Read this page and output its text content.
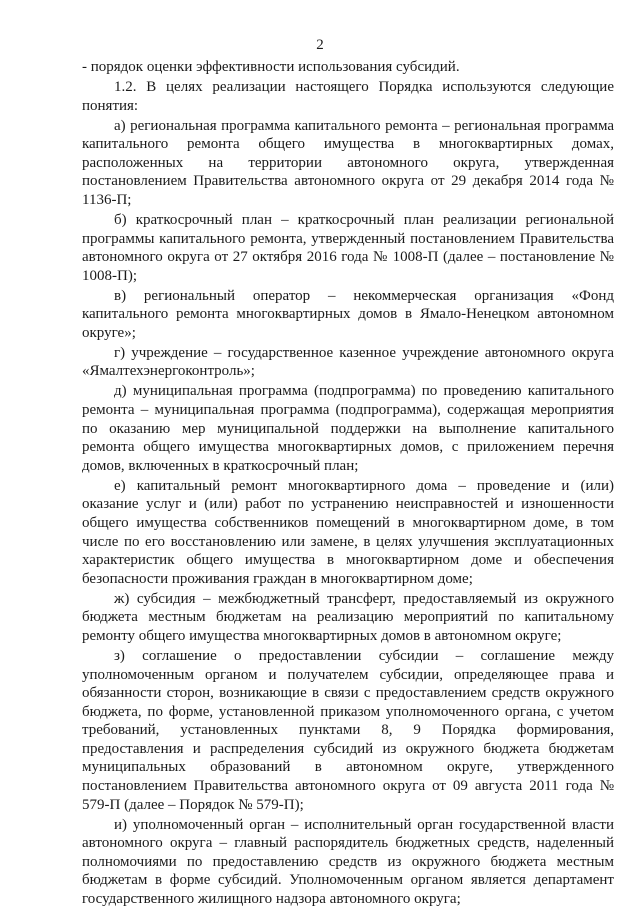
2

- порядок оценки эффективности использования субсидий.

1.2. В целях реализации настоящего Порядка используются следующие понятия:

а) региональная программа капитального ремонта – региональная программа капитального ремонта общего имущества в многоквартирных домах, расположенных на территории автономного округа, утвержденная постановлением Правительства автономного округа от 29 декабря 2014 года № 1136-П;

б) краткосрочный план – краткосрочный план реализации региональной программы капитального ремонта, утвержденный постановлением Правительства автономного округа от 27 октября 2016 года № 1008-П (далее – постановление № 1008-П);

в) региональный оператор – некоммерческая организация «Фонд капитального ремонта многоквартирных домов в Ямало-Ненецком автономном округе»;

г) учреждение – государственное казенное учреждение автономного округа «Ямалтехэнергоконтроль»;

д) муниципальная программа (подпрограмма) по проведению капитального ремонта – муниципальная программа (подпрограмма), содержащая мероприятия по оказанию мер муниципальной поддержки на выполнение капитального ремонта общего имущества многоквартирных домов, с приложением перечня домов, включенных в краткосрочный план;

е) капитальный ремонт многоквартирного дома – проведение и (или) оказание услуг и (или) работ по устранению неисправностей и изношенности общего имущества собственников помещений в многоквартирном доме, в том числе по его восстановлению или замене, в целях улучшения эксплуатационных характеристик общего имущества в многоквартирном доме и обеспечения безопасности проживания граждан в многоквартирном доме;

ж) субсидия – межбюджетный трансферт, предоставляемый из окружного бюджета местным бюджетам на реализацию мероприятий по капитальному ремонту общего имущества многоквартирных домов в автономном округе;

з) соглашение о предоставлении субсидии – соглашение между уполномоченным органом и получателем субсидии, определяющее права и обязанности сторон, возникающие в связи с предоставлением средств окружного бюджета, по форме, установленной приказом уполномоченного органа, с учетом требований, установленных пунктами 8, 9 Порядка формирования, предоставления и распределения субсидий из окружного бюджета бюджетам муниципальных образований в автономном округе, утвержденного постановлением Правительства автономного округа от 09 августа 2011 года № 579-П (далее – Порядок № 579-П);

и) уполномоченный орган – исполнительный орган государственной власти автономного округа – главный распорядитель бюджетных средств, наделенный полномочиями по предоставлению средств из окружного бюджета местным бюджетам в форме субсидий. Уполномоченным органом является департамент государственного жилищного надзора автономного округа;
